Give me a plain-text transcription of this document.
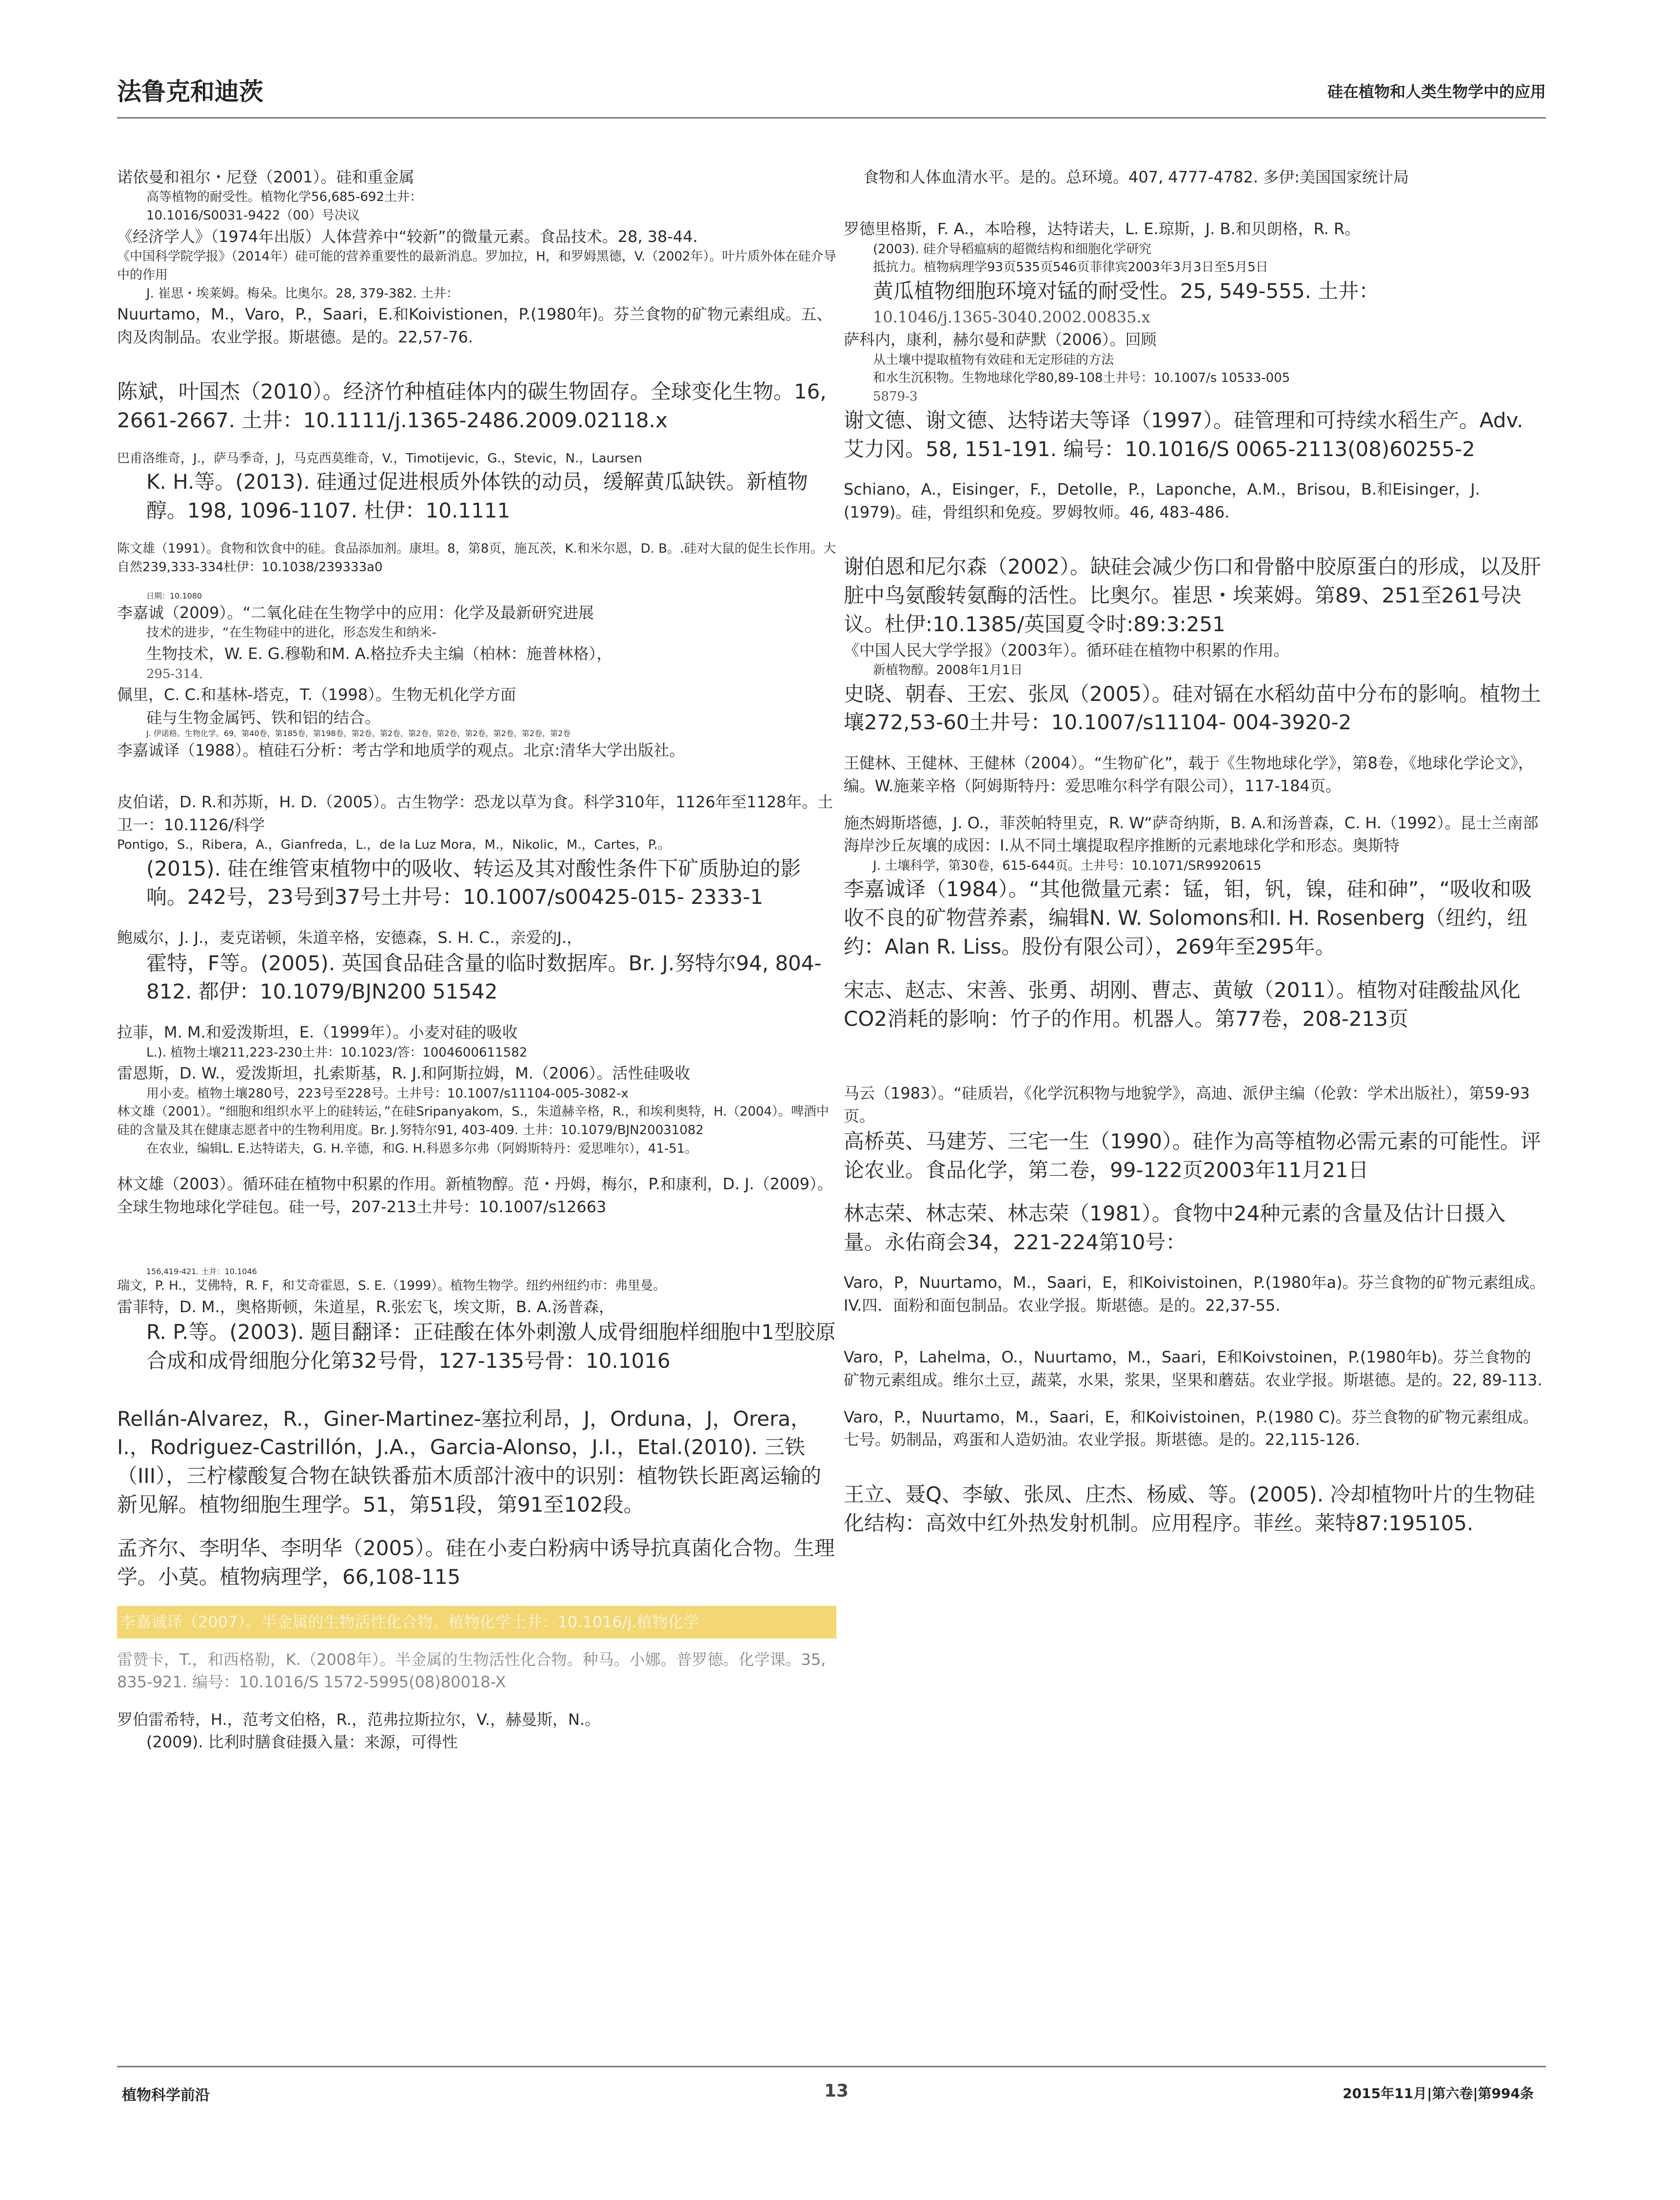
法鲁克和迪茨	硅在植物和人类生物学中的应用

诺依曼和祖尔・尼登（2001）。硅和重金属

高等植物的耐受性。植物化学56,685-692土井：

10.1016/S0031-9422（00）号决议

《经济学人》（1974年出版）人体营养中“较新”的微量元素。食品技术。28, 38-44.

《中国科学院学报》（2014年）硅可能的营养重要性的最新消息。罗加拉，H，和罗姆黑德，V.（2002年）。叶片质外体在硅介导中的作用

J. 崔思・埃莱姆。梅朵。比奥尔。28, 379-382. 土井：

Nuurtamo，M.，Varo，P.，Saari，E.和Koivistionen，P.(1980年)。芬兰食物的矿物元素组成。五、肉及肉制品。农业学报。斯堪德。是的。22,57-76.

陈斌，叶国杰（2010）。经济竹种植硅体内的碳生物固存。全球变化生物。16, 2661-2667. 土井：10.1111/j.1365-2486.2009.02118.x

巴甫洛维奇，J.，萨马季奇，J，马克西莫维奇，V.，Timotijevic，G.，Stevic，N.，Laursen

K. H.等。(2013). 硅通过促进根质外体铁的动员，缓解黄瓜缺铁。新植物醇。198, 1096-1107. 杜伊：10.1111

陈文雄（1991）。食物和饮食中的硅。食品添加剂。康坦。8，第8页，施瓦茨，K.和米尔恩，D. B。.硅对大鼠的促生长作用。大自然239,333-334杜伊：10.1038/239333a0

日期：10.1080

李嘉诚（2009）。“二氧化硅在生物学中的应用：化学及最新研究进展

技术的进步，“在生物硅中的进化，形态发生和纳米-

生物技术，W. E. G.穆勒和M. A.格拉乔夫主编（柏林：施普林格），

295-314.

佩里，C. C.和基林-塔克，T.（1998）。生物无机化学方面

硅与生物金属钙、铁和铝的结合。

J. 伊诺格。生物化学。69，第40卷，第185卷，第198卷，第2卷，第2卷，第2卷，第2卷，第2卷，第2卷，第2卷，第2卷

李嘉诚译（1988）。植硅石分析：考古学和地质学的观点。北京:清华大学出版社。

皮伯诺，D. R.和苏斯，H. D.（2005）。古生物学：恐龙以草为食。科学310年，1126年至1128年。土卫一：10.1126/科学

Pontigo，S.，Ribera，A.，Gianfreda，L.，de la Luz Mora，M.，Nikolic，M.，Cartes，P.。

(2015). 硅在维管束植物中的吸收、转运及其对酸性条件下矿质胁迫的影响。242号，23号到37号土井号：10.1007/s00425-015- 2333-1

鲍威尔，J. J.，麦克诺顿，朱道辛格，安德森，S. H. C.，亲爱的J.，

霍特，F等。(2005). 英国食品硅含量的临时数据库。Br. J.努特尔94, 804-812. 都伊：10.1079/BJN200 51542

拉菲，M. M.和爱泼斯坦，E.（1999年）。小麦对硅的吸收

L.). 植物土壤211,223-230土井：10.1023/答：1004600611582

雷恩斯，D. W.，爱泼斯坦，扎索斯基，R. J.和阿斯拉姆，M.（2006）。活性硅吸收

用小麦。植物土壤280号，223号至228号。土井号：10.1007/s11104-005-3082-x

林文雄（2001）。“细胞和组织水平上的硅转运，”在硅Sripanyakom，S.，朱道赫辛格，R.，和埃利奥特，H.（2004）。啤酒中硅的含量及其在健康志愿者中的生物利用度。Br. J.努特尔91, 403-409. 土井：10.1079/BJN20031082

在农业，编辑L. E.达特诺夫，G. H.辛德，和G. H.科恩多尔弗（阿姆斯特丹：爱思唯尔），41-51。

林文雄（2003）。循环硅在植物中积累的作用。新植物醇。范・丹姆，梅尔，P.和康利，D. J.（2009）。全球生物地球化学硅包。硅一号，207-213土井号：10.1007/s12663

156,419-421. 土井：10.1046

瑞文，P. H.，艾佛特，R. F，和艾奇霍恩，S. E.（1999）。植物生物学。纽约州纽约市：弗里曼。

雷菲特，D. M.，奥格斯顿，朱道星，R.张宏飞，埃文斯，B. A.汤普森，

R. P.等。(2003). 题目翻译：正硅酸在体外刺激人成骨细胞样细胞中1型胶原合成和成骨细胞分化第32号骨，127-135号骨：10.1016

Rellán-Alvarez，R.，Giner-Martinez-塞拉利昂，J，Orduna，J，Orera，I.，Rodriguez-Castrillón，J.A.，Garcia-Alonso，J.I.，Etal.(2010). 三铁（III），三柠檬酸复合物在缺铁番茄木质部汁液中的识别：植物铁长距离运输的新见解。植物细胞生理学。51，第51段，第91至102段。

孟齐尔、李明华、李明华（2005）。硅在小麦白粉病中诱导抗真菌化合物。生理学。小莫。植物病理学，66,108-115

李嘉诚译（2007）。半金属的生物活性化合物。植物化学土井：10.1016/j.植物化学

雷赞卡，T.，和西格勒，K.（2008年）。半金属的生物活性化合物。种马。小娜。普罗德。化学课。35, 835-921. 编号：10.1016/S 1572-5995(08)80018-X

罗伯雷希特，H.，范考文伯格，R.，范弗拉斯拉尔，V.，赫曼斯，N.。

(2009). 比利时膳食硅摄入量：来源，可得性

食物和人体血清水平。是的。总环境。407, 4777-4782. 多伊:美国国家统计局

罗德里格斯，F. A.，本哈穆，达特诺夫，L. E.琼斯，J. B.和贝朗格，R. R。

(2003). 硅介导稻瘟病的超微结构和细胞化学研究

抵抗力。植物病理学93页535页546页菲律宾2003年3月3日至5月5日

黄瓜植物细胞环境对锰的耐受性。25, 549-555. 土井：

10.1046/j.1365-3040.2002.00835.x

萨科内，康利，赫尔曼和萨默（2006）。回顾

从土壤中提取植物有效硅和无定形硅的方法

和水生沉积物。生物地球化学80,89-108土井号：10.1007/s 10533-005

5879-3

谢文德、谢文德、达特诺夫等译（1997）。硅管理和可持续水稻生产。Adv. 艾力冈。58, 151-191. 编号：10.1016/S 0065-2113(08)60255-2

Schiano，A.，Eisinger，F.，Detolle，P.，Laponche，A.M.，Brisou，B.和Eisinger，J.(1979)。硅，骨组织和免疫。罗姆牧师。46, 483-486.

谢伯恩和尼尔森（2002）。缺硅会减少伤口和骨骼中胶原蛋白的形成，以及肝脏中鸟氨酸转氨酶的活性。比奥尔。崔思・埃莱姆。第89、251至261号决议。杜伊:10.1385/英国夏令时:89:3:251

《中国人民大学学报》（2003年）。循环硅在植物中积累的作用。

新植物醇。2008年1月1日

史晓、朝春、王宏、张凤（2005）。硅对镉在水稻幼苗中分布的影响。植物土壤272,53-60土井号：10.1007/s11104- 004-3920-2

王健林、王健林、王健林（2004）。“生物矿化”，载于《生物地球化学》，第8卷，《地球化学论文》，编。W.施莱辛格（阿姆斯特丹：爱思唯尔科学有限公司），117-184页。

施杰姆斯塔德，J. O.，菲茨帕特里克，R. W“萨奇纳斯，B. A.和汤普森，C. H.（1992）。昆士兰南部海岸沙丘灰壤的成因：I.从不同土壤提取程序推断的元素地球化学和形态。奥斯特

J. 土壤科学，第30卷，615-644页。土井号：10.1071/SR9920615

李嘉诚译（1984）。“其他微量元素：锰，钼，钒，镍，硅和砷”，“吸收和吸收不良的矿物营养素，编辑N. W. Solomons和I. H. Rosenberg（纽约，纽约：Alan R. Liss。股份有限公司），269年至295年。

宋志、赵志、宋善、张勇、胡刚、曹志、黄敏（2011）。植物对硅酸盐风化CO2消耗的影响：竹子的作用。机器人。第77卷，208-213页

马云（1983）。“硅质岩，《化学沉积物与地貌学》，高迪、派伊主编（伦敦：学术出版社），第59-93页。

高桥英、马建芳、三宅一生（1990）。硅作为高等植物必需元素的可能性。评论农业。食品化学，第二卷，99-122页2003年11月21日

林志荣、林志荣、林志荣（1981）。食物中24种元素的含量及估计日摄入量。永佑商会34，221-224第10号：

Varo，P，Nuurtamo，M.，Saari，E，和Koivistoinen，P.(1980年a)。芬兰食物的矿物元素组成。IV.四．面粉和面包制品。农业学报。斯堪德。是的。22,37-55.

Varo，P，Lahelma，O.，Nuurtamo，M.，Saari，E和Koivstoinen，P.(1980年b)。芬兰食物的矿物元素组成。维尔土豆，蔬菜，水果，浆果，坚果和蘑菇。农业学报。斯堪德。是的。22, 89-113.

Varo，P.，Nuurtamo，M.，Saari，E，和Koivistoinen，P.(1980 C)。芬兰食物的矿物元素组成。七号。奶制品，鸡蛋和人造奶油。农业学报。斯堪德。是的。22,115-126.

王立、聂Q、李敏、张凤、庄杰、杨威、等。(2005). 冷却植物叶片的生物硅化结构：高效中红外热发射机制。应用程序。菲丝。莱特87:195105.

植物科学前沿	13	2015年11月|第六卷|第994条
